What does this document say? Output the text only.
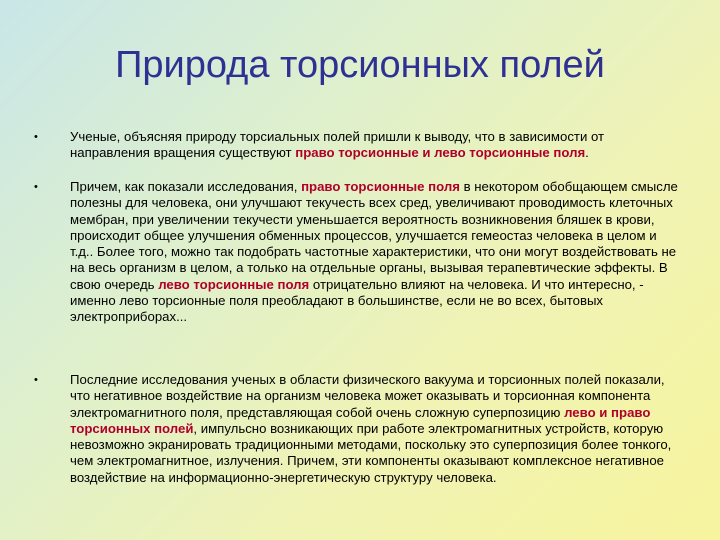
Природа торсионных полей
• Ученые, объясняя природу торсиальных полей пришли к выводу, что в зависимости от направления вращения существуют право торсионные и лево торсионные поля.
• Причем, как показали исследования, право торсионные поля в некотором обобщающем смысле полезны для человека, они улучшают текучесть всех сред, увеличивают проводимость клеточных мембран, при увеличении текучести уменьшается вероятность возникновения бляшек в крови, происходит общее улучшения обменных процессов, улучшается гемеостаз человека в целом и т.д.. Более того, можно так подобрать частотные характеристики, что они могут воздействовать не на весь организм в целом, а только на отдельные органы, вызывая терапевтические эффекты. В свою очередь лево торсионные поля отрицательно влияют на человека. И что интересно, - именно лево торсионные поля преобладают в большинстве, если не во всех, бытовых электроприборах...
• Последние исследования ученых в области физического вакуума и торсионных полей показали, что негативное воздействие на организм человека может оказывать и торсионная компонента электромагнитного поля, представляющая собой очень сложную суперпозицию лево и право торсионных полей, импульсно возникающих при работе электромагнитных устройств, которую невозможно экранировать традиционными методами, поскольку это суперпозиция более тонкого, чем электромагнитное, излучения. Причем, эти компоненты оказывают комплексное негативное воздействие на информационно-энергетическую структуру человека.
